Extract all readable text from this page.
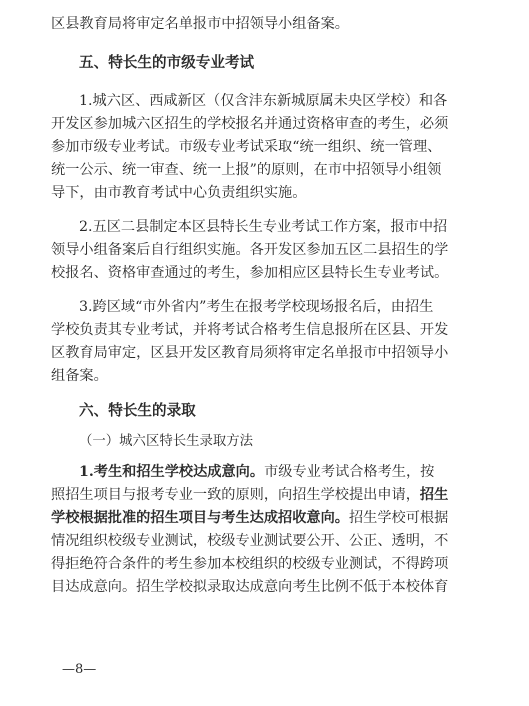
区县教育局将审定名单报市中招领导小组备案。
五、特长生的市级专业考试
1.城六区、西咸新区（仅含沣东新城原属未央区学校）和各
开发区参加城六区招生的学校报名并通过资格审查的考生，必须
参加市级专业考试。市级专业考试采取“统一组织、统一管理、
统一公示、统一审查、统一上报”的原则，在市中招领导小组领
导下，由市教育考试中心负责组织实施。
2.五区二县制定本区县特长生专业考试工作方案，报市中招
领导小组备案后自行组织实施。各开发区参加五区二县招生的学
校报名、资格审查通过的考生，参加相应区县特长生专业考试。
3.跨区域“市外省内”考生在报考学校现场报名后，由招生
学校负责其专业考试，并将考试合格考生信息报所在区县、开发
区教育局审定，区县开发区教育局须将审定名单报市中招领导小
组备案。
六、特长生的录取
（一）城六区特长生录取方法
1.考生和招生学校达成意向。市级专业考试合格考生，按
照招生项目与报考专业一致的原则，向招生学校提出申请，招生
学校根据批准的招生项目与考生达成招收意向。招生学校可根据
情况组织校级专业测试，校级专业测试要公开、公正、透明，不
得拒绝符合条件的考生参加本校组织的校级专业测试，不得跨项
目达成意向。招生学校拟录取达成意向考生比例不低于本校体育
—8—
